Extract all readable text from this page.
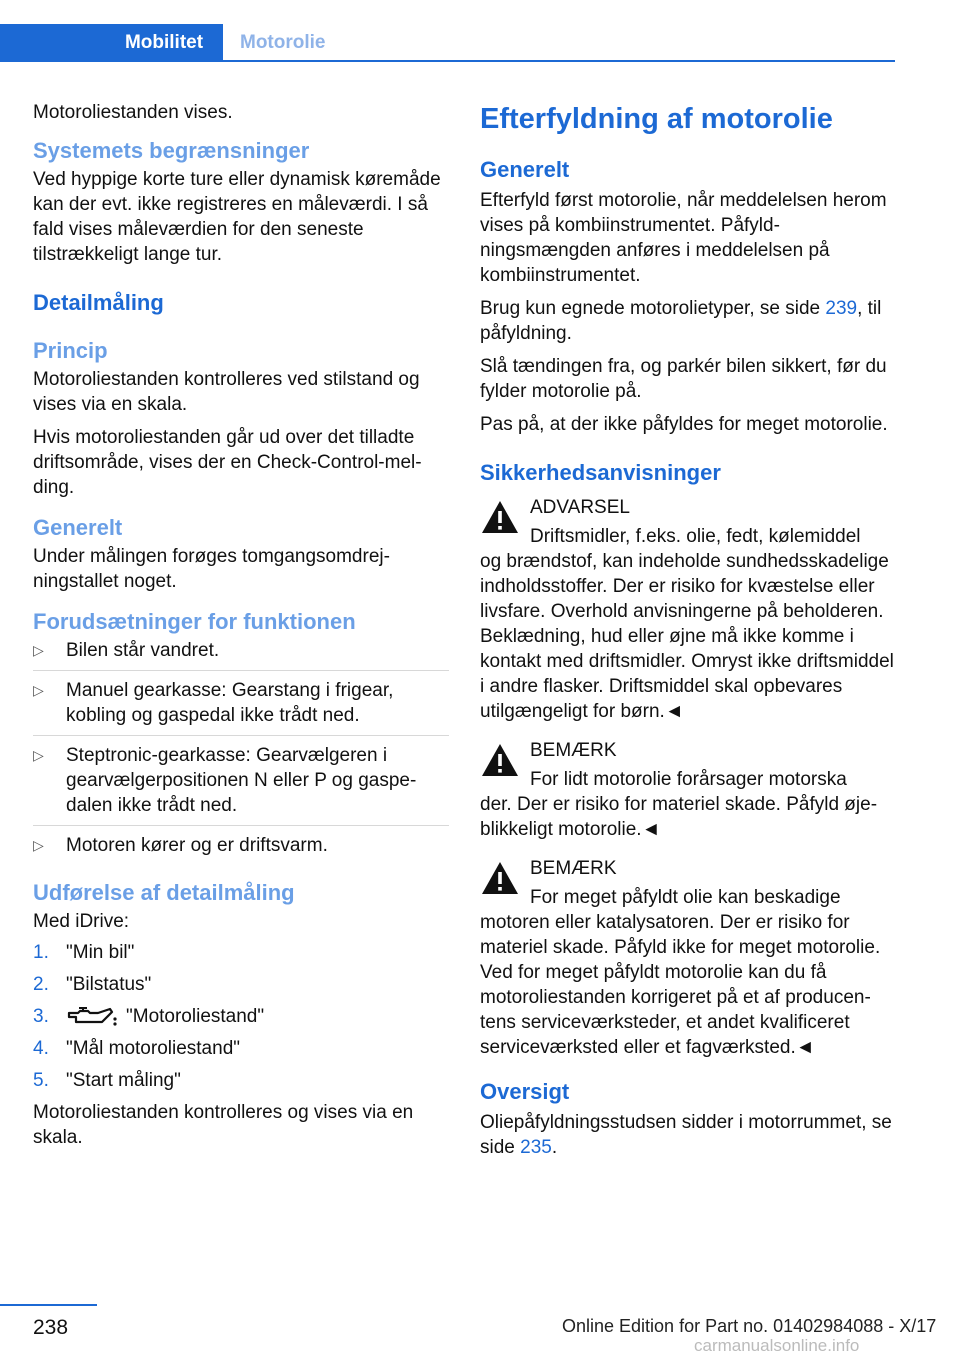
Mobilitet	Motorolie

Motoroliestanden vises.

Systemets begrænsninger

Ved hyppige korte ture eller dynamisk køremåde kan der evt. ikke registreres en måleværdi. I så fald vises måleværdien for den seneste tilstrækkeligt lange tur.

Detailmåling
Princip

Motoroliestanden kontrolleres ved stilstand og vises via en skala.

Hvis motoroliestanden går ud over det tilladte driftsområde, vises der en Check-Control-melding.

Generelt

Under målingen forøges tomgangsomdrejningstallet noget.

Forudsætninger for funktionen
▷ Bilen står vandret.
▷ Manuel gearkasse: Gearstang i frigear, kobling og gaspedal ikke trådt ned.
▷ Steptronic-gearkasse: Gearvælgeren i gearvælgerpositionen N eller P og gaspedalen ikke trådt ned.
▷ Motoren kører og er driftsvarm.
Udførelse af detailmåling

Med iDrive:

1. "Min bil"
2. "Bilstatus"
3.	"Motoroliestand"
4. "Mål motoroliestand"
5. "Start måling"

Motoroliestanden kontrolleres og vises via en skala.

Efterfyldning af motorolie
Generelt

Efterfyld først motorolie, når meddelelsen herom vises på kombiinstrumentet. Påfyldningsmængden anføres i meddelelsen på kombiinstrumentet.

Brug kun egnede motorolietyper, se side 239, til påfyldning.

Slå tændingen fra, og parkér bilen sikkert, før du fylder motorolie på.

Pas på, at der ikke påfyldes for meget motorolie.

Sikkerhedsanvisninger
ADVARSEL
Driftsmidler, f.eks. olie, fedt, kølemiddel
og brændstof, kan indeholde sundhedsskadelige indholdsstoffer. Der er risiko for kvæstelse eller livsfare. Overhold anvisningerne på beholderen. Beklædning, hud eller øjne må ikke komme i kontakt med driftsmidler. Omryst ikke driftsmiddel i andre flasker. Driftsmiddel skal opbevares utilgængeligt for børn.◄
BEMÆRK
For lidt motorolie forårsager motorska
der. Der er risiko for materiel skade. Påfyld øjeblikkeligt motorolie.◄
BEMÆRK
For meget påfyldt olie kan beskadige
motoren eller katalysatoren. Der er risiko for materiel skade. Påfyld ikke for meget motorolie. Ved for meget påfyldt motorolie kan du få motoroliestanden korrigeret på et af producentens serviceværksteder, et andet kvalificeret serviceværksted eller et fagværksted.◄
Oversigt

Oliepåfyldningsstudsen sidder i motorrummet, se side 235.

238	Online Edition for Part no. 01402984088 - X/17
carmanualsonline.info
